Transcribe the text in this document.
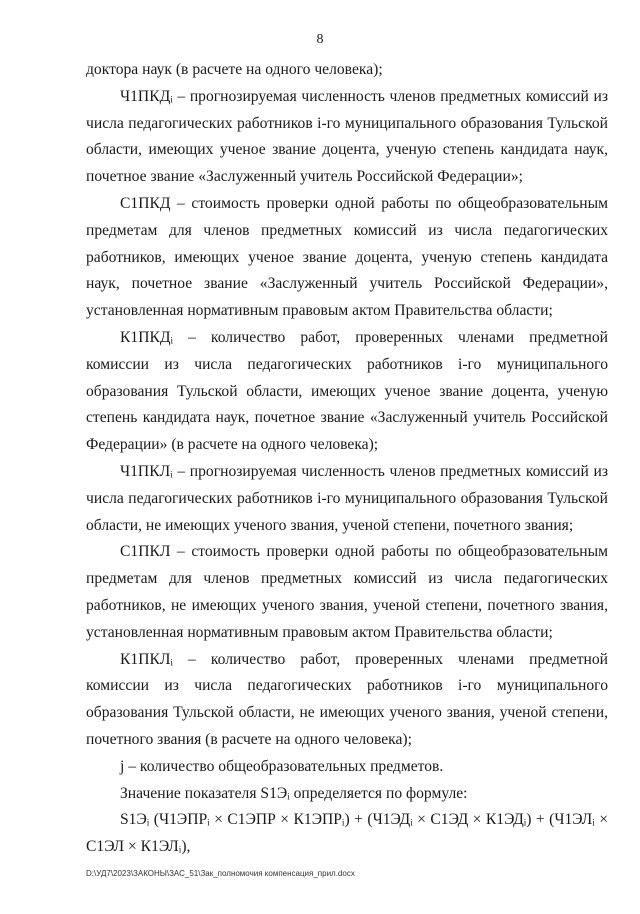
8

доктора наук (в расчете на одного человека);

Ч1ПКДᵢ – прогнозируемая численность членов предметных комиссий из числа педагогических работников i-го муниципального образования Тульской области, имеющих ученое звание доцента, ученую степень кандидата наук, почетное звание «Заслуженный учитель Российской Федерации»;

С1ПКД – стоимость проверки одной работы по общеобразовательным предметам для членов предметных комиссий из числа педагогических работников, имеющих ученое звание доцента, ученую степень кандидата наук, почетное звание «Заслуженный учитель Российской Федерации», установленная нормативным правовым актом Правительства области;

К1ПКДᵢ – количество работ, проверенных членами предметной комиссии из числа педагогических работников i-го муниципального образования Тульской области, имеющих ученое звание доцента, ученую степень кандидата наук, почетное звание «Заслуженный учитель Российской Федерации» (в расчете на одного человека);

Ч1ПКЛᵢ – прогнозируемая численность членов предметных комиссий из числа педагогических работников i-го муниципального образования Тульской области, не имеющих ученого звания, ученой степени, почетного звания;

С1ПКЛ – стоимость проверки одной работы по общеобразовательным предметам для членов предметных комиссий из числа педагогических работников, не имеющих ученого звания, ученой степени, почетного звания, установленная нормативным правовым актом Правительства области;

К1ПКЛᵢ – количество работ, проверенных членами предметной комиссии из числа педагогических работников i-го муниципального образования Тульской области, не имеющих ученого звания, ученой степени, почетного звания (в расчете на одного человека);

j – количество общеобразовательных предметов.

Значение показателя S1Эᵢ определяется по формуле:

S1Эᵢ (Ч1ЭПРᵢ × С1ЭПР × К1ЭПРᵢ) + (Ч1ЭДᵢ × С1ЭД × К1ЭДᵢ) + (Ч1ЭЛᵢ × С1ЭЛ × К1ЭЛᵢ),

D:\УД7\2023\ЗАКОНЫ\ЗАС_51\Зак_полномочия компенсация_прил.docx
